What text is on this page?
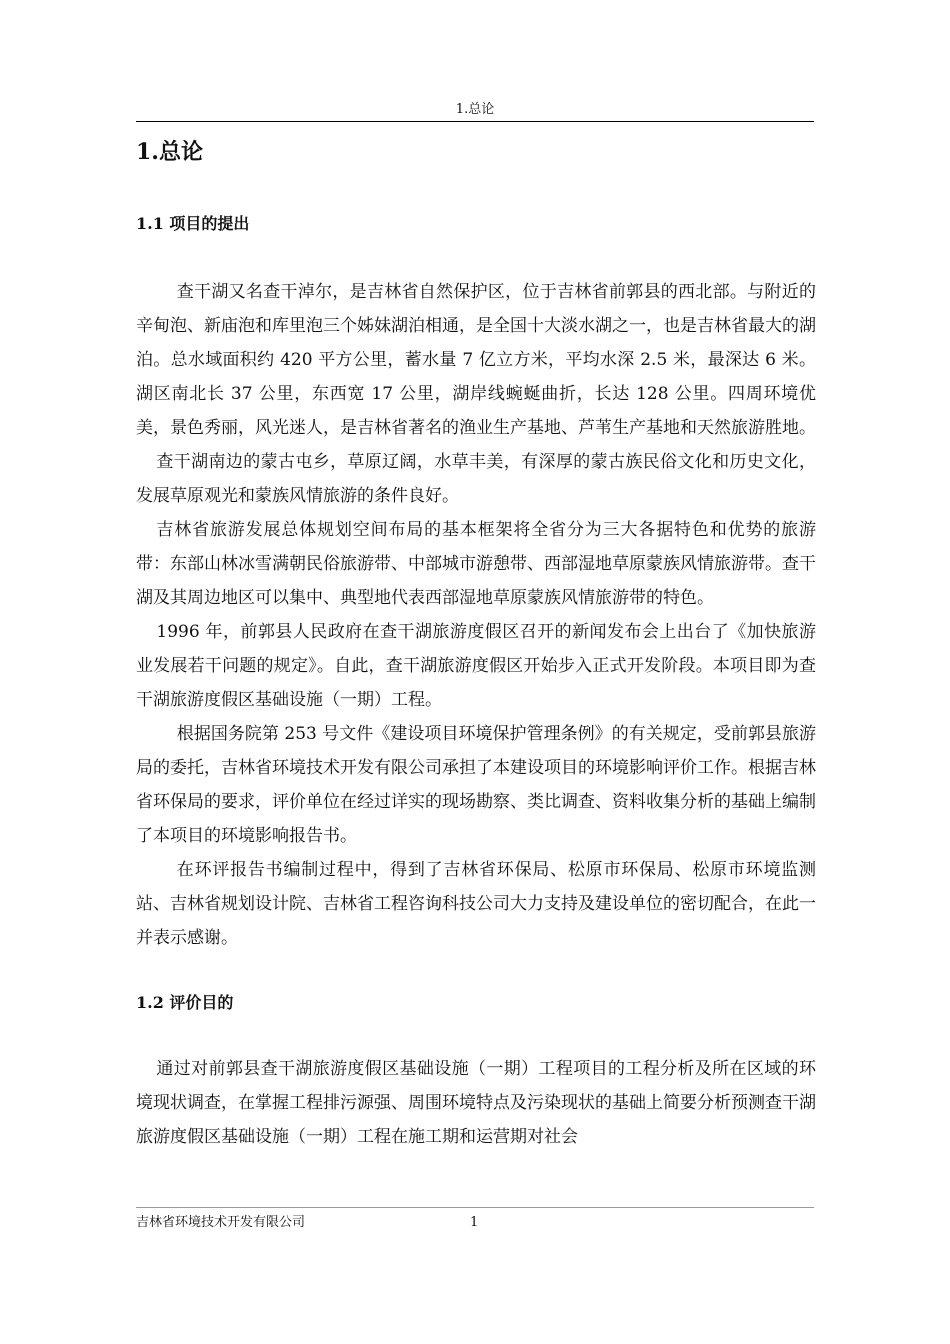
1.总论
1.总论
1.1 项目的提出

查干湖又名查干淖尔，是吉林省自然保护区，位于吉林省前郭县的西北部。与附近的辛甸泡、新庙泡和库里泡三个姊妹湖泊相通，是全国十大淡水湖之一，也是吉林省最大的湖泊。总水域面积约 420 平方公里，蓄水量 7 亿立方米，平均水深 2.5 米，最深达 6 米。湖区南北长 37 公里，东西宽 17 公里，湖岸线蜿蜒曲折，长达 128 公里。四周环境优美，景色秀丽，风光迷人，是吉林省著名的渔业生产基地、芦苇生产基地和天然旅游胜地。

查干湖南边的蒙古屯乡，草原辽阔，水草丰美，有深厚的蒙古族民俗文化和历史文化，发展草原观光和蒙族风情旅游的条件良好。

吉林省旅游发展总体规划空间布局的基本框架将全省分为三大各据特色和优势的旅游带：东部山林冰雪满朝民俗旅游带、中部城市游憩带、西部湿地草原蒙族风情旅游带。查干湖及其周边地区可以集中、典型地代表西部湿地草原蒙族风情旅游带的特色。

1996 年，前郭县人民政府在查干湖旅游度假区召开的新闻发布会上出台了《加快旅游业发展若干问题的规定》。自此，查干湖旅游度假区开始步入正式开发阶段。本项目即为查干湖旅游度假区基础设施（一期）工程。

根据国务院第 253 号文件《建设项目环境保护管理条例》的有关规定，受前郭县旅游局的委托，吉林省环境技术开发有限公司承担了本建设项目的环境影响评价工作。根据吉林省环保局的要求，评价单位在经过详实的现场勘察、类比调查、资料收集分析的基础上编制了本项目的环境影响报告书。

在环评报告书编制过程中，得到了吉林省环保局、松原市环保局、松原市环境监测站、吉林省规划设计院、吉林省工程咨询科技公司大力支持及建设单位的密切配合，在此一并表示感谢。

1.2 评价目的

通过对前郭县查干湖旅游度假区基础设施（一期）工程项目的工程分析及所在区域的环境现状调查，在掌握工程排污源强、周围环境特点及污染现状的基础上简要分析预测查干湖旅游度假区基础设施（一期）工程在施工期和运营期对社会

吉林省环境技术开发有限公司	1
